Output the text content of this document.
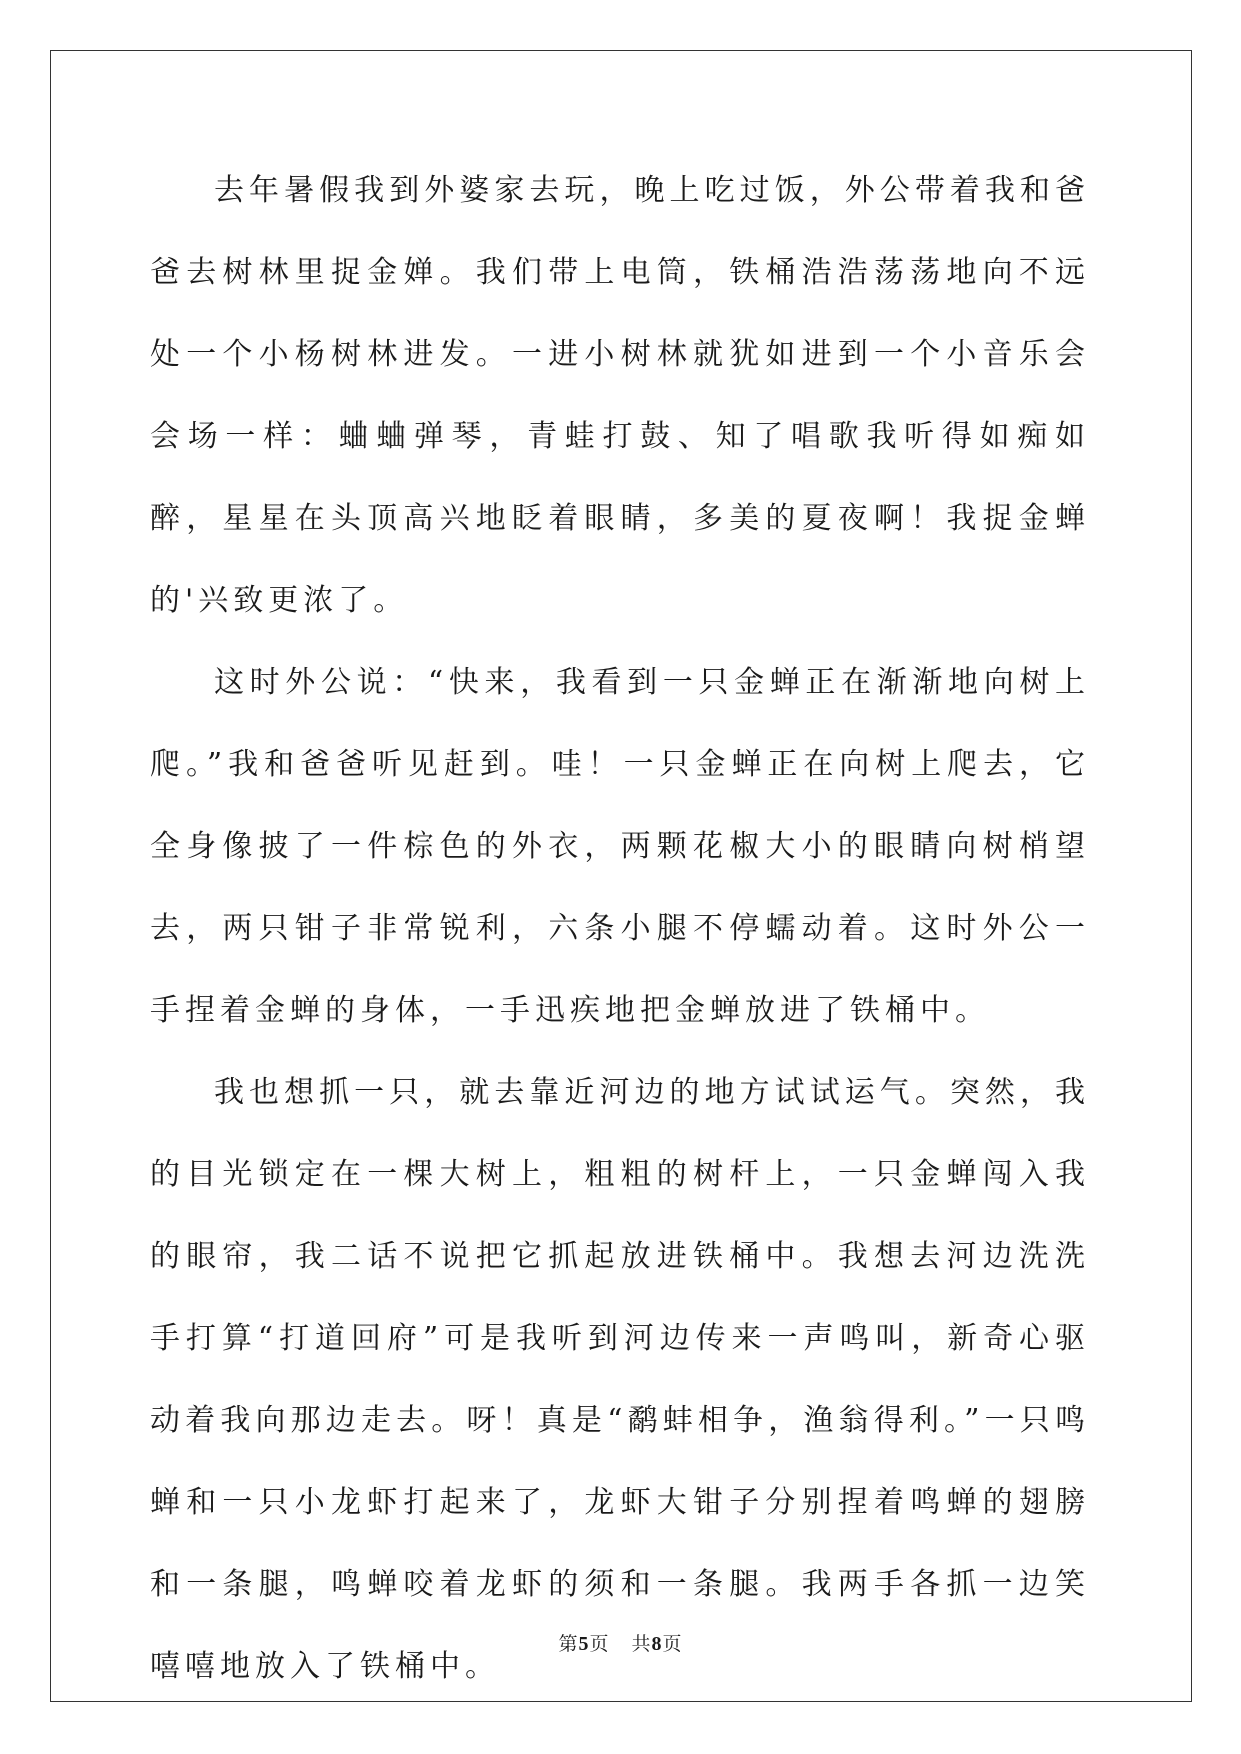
去年暑假我到外婆家去玩，晚上吃过饭，外公带着我和爸爸去树林里捉金婵。我们带上电筒，铁桶浩浩荡荡地向不远处一个小杨树林进发。一进小树林就犹如进到一个小音乐会会场一样：蛐蛐弹琴，青蛙打鼓、知了唱歌我听得如痴如醉，星星在头顶高兴地眨着眼睛，多美的夏夜啊！我捉金蝉的'兴致更浓了。

这时外公说：“快来，我看到一只金蝉正在渐渐地向树上爬。”我和爸爸听见赶到。哇！一只金蝉正在向树上爬去，它全身像披了一件棕色的外衣，两颗花椒大小的眼睛向树梢望去，两只钳子非常锐利，六条小腿不停蠕动着。这时外公一手捏着金蝉的身体，一手迅疾地把金蝉放进了铁桶中。

我也想抓一只，就去靠近河边的地方试试运气。突然，我的目光锁定在一棵大树上，粗粗的树杆上，一只金蝉闯入我的眼帘，我二话不说把它抓起放进铁桶中。我想去河边洗洗手打算“打道回府”可是我听到河边传来一声鸣叫，新奇心驱动着我向那边走去。呀！真是“鹬蚌相争，渔翁得利。”一只鸣蝉和一只小龙虾打起来了，龙虾大钳子分别捏着鸣蝉的翅膀和一条腿，鸣蝉咬着龙虾的须和一条腿。我两手各抓一边笑嘻嘻地放入了铁桶中。

第5页 共8页
